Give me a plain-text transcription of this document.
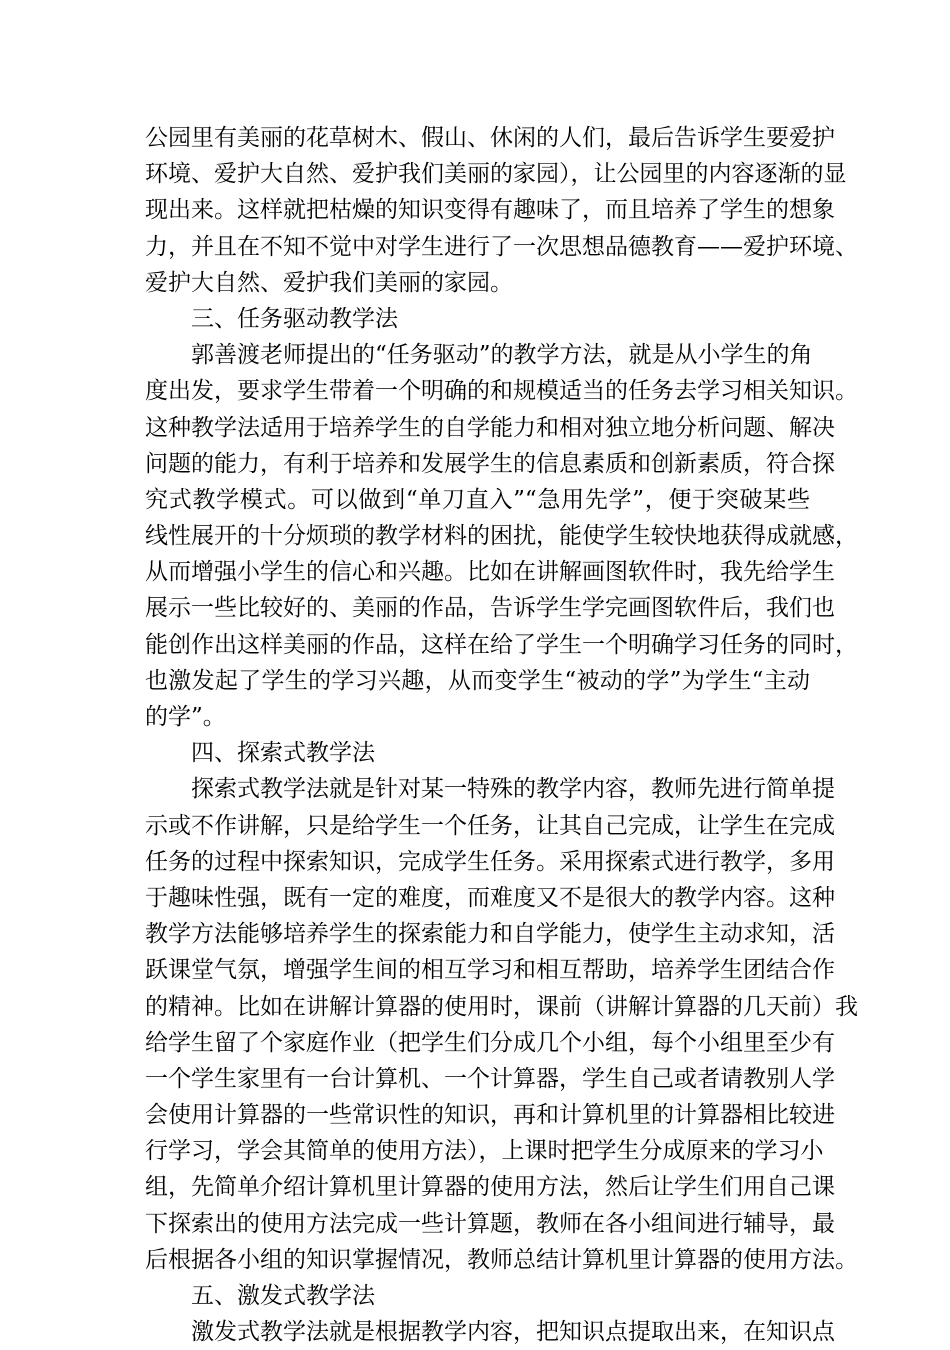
公园里有美丽的花草树木、假山、休闲的人们，最后告诉学生要爱护
环境、爱护大自然、爱护我们美丽的家园），让公园里的内容逐渐的显
现出来。这样就把枯燥的知识变得有趣味了，而且培养了学生的想象
力，并且在不知不觉中对学生进行了一次思想品德教育——爱护环境、
爱护大自然、爱护我们美丽的家园。
三、任务驱动教学法
郭善渡老师提出的“任务驱动”的教学方法，就是从小学生的角
度出发，要求学生带着一个明确的和规模适当的任务去学习相关知识。
这种教学法适用于培养学生的自学能力和相对独立地分析问题、解决
问题的能力，有利于培养和发展学生的信息素质和创新素质，符合探
究式教学模式。可以做到“单刀直入”“急用先学”，便于突破某些
线性展开的十分烦琐的教学材料的困扰，能使学生较快地获得成就感，
从而增强小学生的信心和兴趣。比如在讲解画图软件时，我先给学生
展示一些比较好的、美丽的作品，告诉学生学完画图软件后，我们也
能创作出这样美丽的作品，这样在给了学生一个明确学习任务的同时，
也激发起了学生的学习兴趣，从而变学生“被动的学”为学生“主动
的学”。
四、探索式教学法
探索式教学法就是针对某一特殊的教学内容，教师先进行简单提
示或不作讲解，只是给学生一个任务，让其自己完成，让学生在完成
任务的过程中探索知识，完成学生任务。采用探索式进行教学，多用
于趣味性强，既有一定的难度，而难度又不是很大的教学内容。这种
教学方法能够培养学生的探索能力和自学能力，使学生主动求知，活
跃课堂气氛，增强学生间的相互学习和相互帮助，培养学生团结合作
的精神。比如在讲解计算器的使用时，课前（讲解计算器的几天前）我
给学生留了个家庭作业（把学生们分成几个小组，每个小组里至少有
一个学生家里有一台计算机、一个计算器，学生自己或者请教别人学
会使用计算器的一些常识性的知识，再和计算机里的计算器相比较进
行学习，学会其简单的使用方法），上课时把学生分成原来的学习小
组，先简单介绍计算机里计算器的使用方法，然后让学生们用自己课
下探索出的使用方法完成一些计算题，教师在各小组间进行辅导，最
后根据各小组的知识掌握情况，教师总结计算机里计算器的使用方法。
五、激发式教学法
激发式教学法就是根据教学内容，把知识点提取出来，在知识点
